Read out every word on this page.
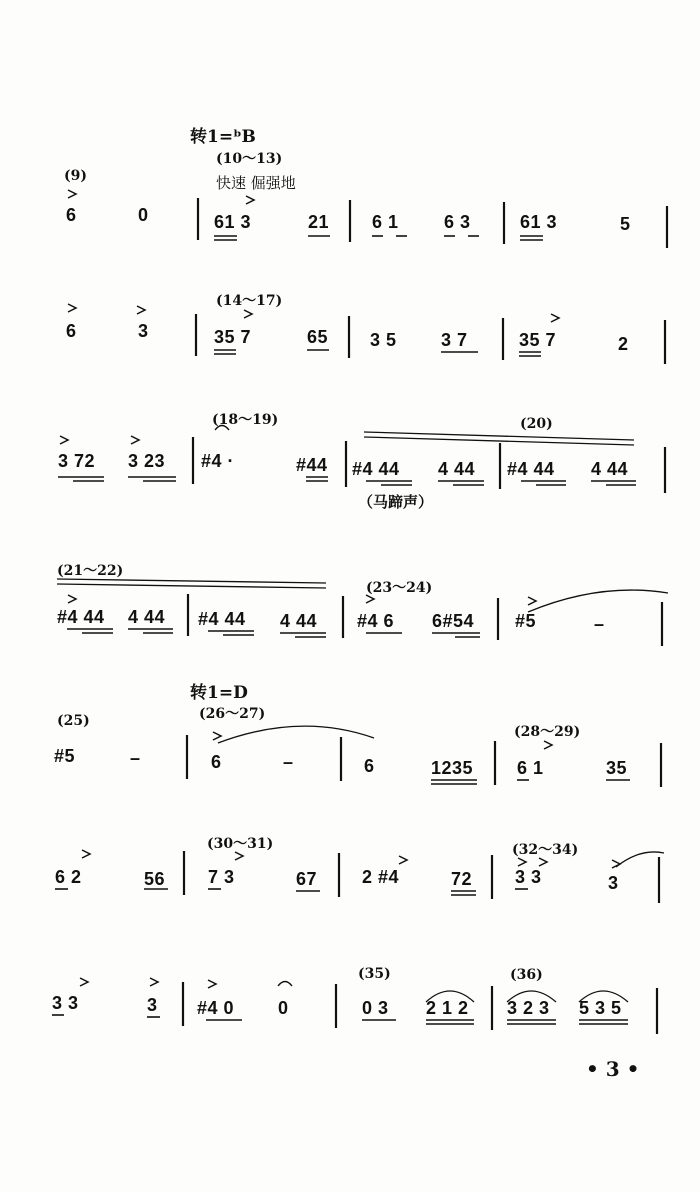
转1=ᵇB
快速 倔强地
转1=D
（马蹄声）
• 3 •
(9)
(10～13)
(14～17)
(18～19)	(20)
(21～22)
(23～24)
(25)	(26～27)
(28～29)
(30～31)	(32～34)
(35)	(36)
6	0	61 3	21 6 1	6 3	61 3	5
6	3	35 7	65 3 5 3 7	35 7	2
3 72 3 23 #4 ·	#44 #4 44 4 44 #4 44 4 44
#4 44 4 44 #4 44 4 44 #4 6 6#54 #5	–
#5	–	6	–	6	1235 6 1	35
6 2	56 7 3	67 2 #4	72 3 3	3
3 3	3 #4 0 0	0 3 2 1 2 3 2 3 5 3 5
